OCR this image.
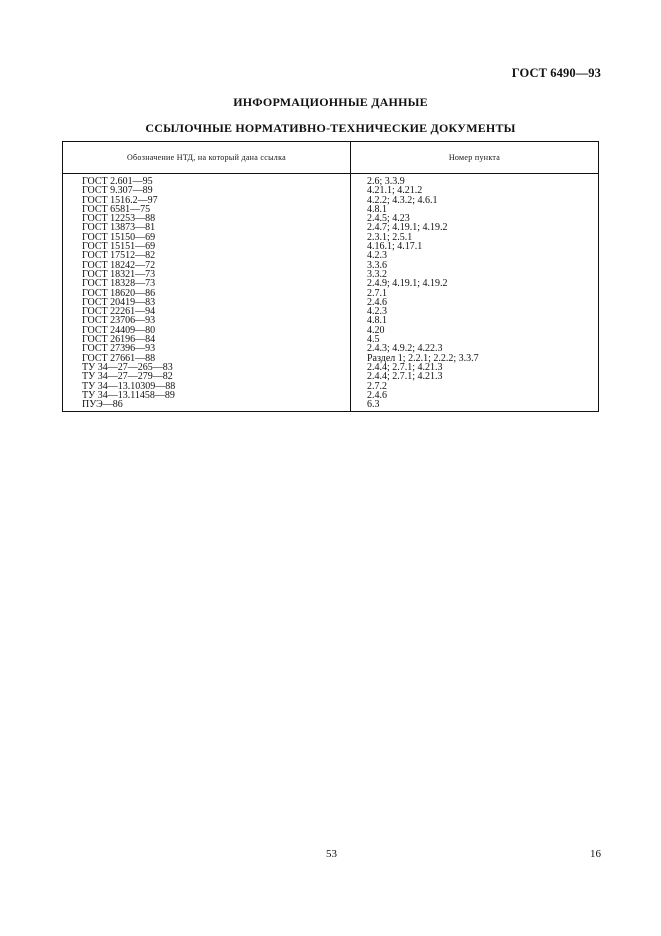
ГОСТ 6490—93
ИНФОРМАЦИОННЫЕ ДАННЫЕ
ССЫЛОЧНЫЕ НОРМАТИВНО-ТЕХНИЧЕСКИЕ ДОКУМЕНТЫ
Обозначение НТД, на который дана ссылка	Номер пункта
ГОСТ 2.601—95	2.6; 3.3.9
ГОСТ 9.307—89	4.21.1; 4.21.2
ГОСТ 1516.2—97	4.2.2; 4.3.2; 4.6.1
ГОСТ 6581—75	4.8.1
ГОСТ 12253—88	2.4.5; 4.23
ГОСТ 13873—81	2.4.7; 4.19.1; 4.19.2
ГОСТ 15150—69	2.3.1; 2.5.1
ГОСТ 15151—69	4.16.1; 4.17.1
ГОСТ 17512—82	4.2.3
ГОСТ 18242—72	3.3.6
ГОСТ 18321—73	3.3.2
ГОСТ 18328—73	2.4.9; 4.19.1; 4.19.2
ГОСТ 18620—86	2.7.1
ГОСТ 20419—83	2.4.6
ГОСТ 22261—94	4.2.3
ГОСТ 23706—93	4.8.1
ГОСТ 24409—80	4.20
ГОСТ 26196—84	4.5
ГОСТ 27396—93	2.4.3; 4.9.2; 4.22.3
ГОСТ 27661—88	Раздел 1; 2.2.1; 2.2.2; 3.3.7
ТУ 34—27—265—83	2.4.4; 2.7.1; 4.21.3
ТУ 34—27—279—82	2.4.4; 2.7.1; 4.21.3
ТУ 34—13.10309—88	2.7.2
ТУ 34—13.11458—89	2.4.6
ПУЭ—86	6.3
53	16
